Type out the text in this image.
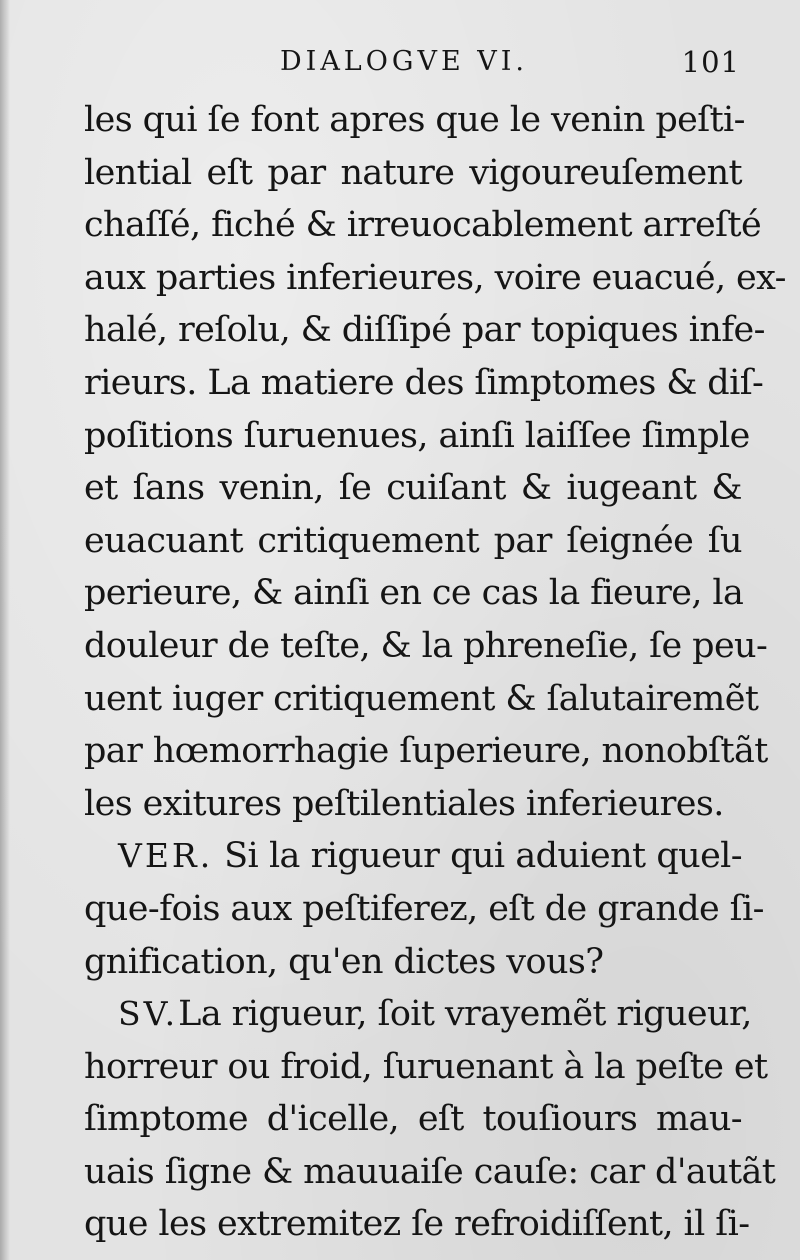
DIALOGVE VI.	101
les qui ſe font apres que le venin peſti-
lential eſt par nature vigoureuſement
chaſſé, fiché & irreuocablement arreſté
aux parties inferieures, voire euacué, ex-
halé, reſolu, & diſſipé par topiques infe-
rieurs. La matiere des ſimptomes & diſ-
poſitions ſuruenues, ainſi laiſſee ſimple
et ſans venin, ſe cuiſant & iugeant &
euacuant critiquement par ſeignée ſu
perieure, & ainſi en ce cas la fieure, la
douleur de teſte, & la phreneſie, ſe peu-
uent iuger critiquement & ſalutairemẽt
par hœmorrhagie ſuperieure, nonobſtãt
les exitures peſtilentiales inferieures.
VER. Si la rigueur qui aduient quel-
que-fois aux peſtiferez, eſt de grande ſi-
gnification, qu'en dictes vous?
SV.La rigueur, ſoit vrayemẽt rigueur,
horreur ou froid, ſuruenant à la peſte et
ſimptome d'icelle, eſt touſiours mau-
uais ſigne & mauuaiſe cauſe: car d'autãt
que les extremitez ſe refroidiſſent, il ſi-
